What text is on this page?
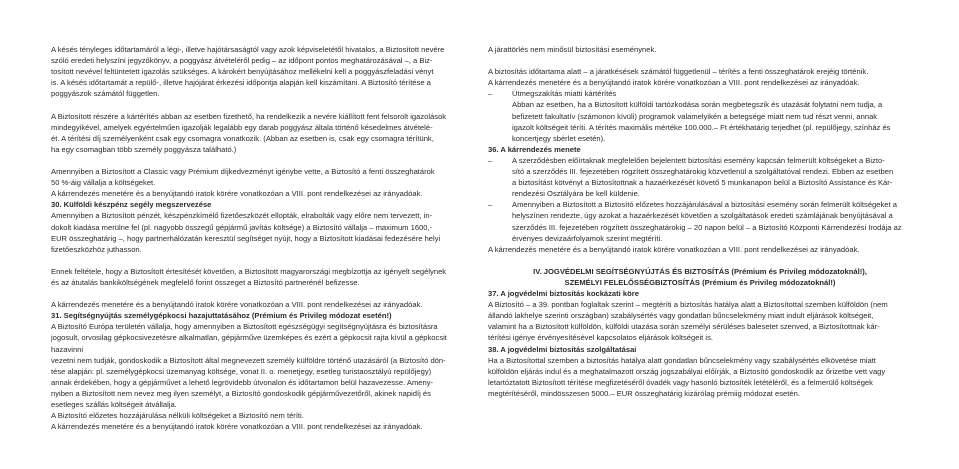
A késés tényleges időtartamáról a légi-, illetve hajótársaságtól vagy azok képviseletétől hivatalos, a Biztosított nevére

szóló eredeti helyszíni jegyzőkönyv, a poggyász átvételéről pedig – az időpont pontos meghatározásával –, a Biz-

tosított nevével feltüntetett igazolás szükséges. A károkért benyújtásához mellékelni kell a poggyászfeladási vényt

is. A késés időtartamát a repülő-, illetve hajójárat érkezési időpontja alapján kell kiszámítani. A Biztosító térítése a

poggyászok számától független.

A Biztosított részére a kártérítés abban az esetben fizethető, ha rendelkezik a nevére kiállított fent felsorolt igazolások

mindegyikével, amelyek egyértelműen igazolják legalább egy darab poggyász általa történő késedelmes átvételé-

ét. A térítési díj személyenként csak egy csomagra vonatkozik. (Abban az esetben is, csak egy csomagra térítünk,

ha egy csomagban több személy poggyásza található.)

Amennyiben a Biztosított a Classic vagy Prémium díjkedvezményt igénybe vette, a Biztosító a fenti összeghatárok

50 %-áig vállalja a költségeket.

A kárrendezés menetére és a benyújtandó iratok körére vonatkozóan a VIII. pont rendelkezései az irányadóak.

30. Külföldi készpénz segély megszervezése

Amennyiben a Biztosított pénzét, készpénzkímélő fizetőeszközét ellopták, elrabolták vagy előre nem tervezett, in-

dokolt kiadása merülne fel (pl. nagyobb összegű gépjármű javítás költsége) a Biztosító vállalja – maximum 1600,-

EUR összeghatárig –, hogy partnerhálózatán keresztül segítséget nyújt, hogy a Biztosított kiadásai fedezésére helyi

fizetőeszközhöz juthasson.

Ennek feltétele, hogy a Biztosított értesítését követően, a Biztosított magyarországi megbízottja az igényelt segélynek

és az átutalás bankiköltségének megfelelő forint összeget a Biztosító partnerénél befizesse.

A kárrendezés menetére és a benyújtandó iratok körére vonatkozóan a VIII. pont rendelkezései az irányadóak.

31. Segítségnyújtás személygépkocsi hazajuttatásához (Prémium és Privileg módozat esetén!)

A Biztosító Európa területén vállalja, hogy amennyiben a Biztosított egészségügyi segítségnyújtásra és biztosításra

jogosult, orvosilag gépkocsivezetésre alkalmatlan, gépjárműve üzemképes és ezért a gépkocsit rajta kívül a gépkocsit hazavinni

vezetni nem tudják, gondoskodik a Biztosított által megnevezett személy külföldre történő utazásáról (a Biztosító dön-

tése alapján: pl. személygépkocsi üzemanyag költsége, vonat II. o. menetjegy, esetleg turistaosztályú repülőjegy)

annak érdekében, hogy a gépjárművet a lehető legrövidebb útvonalon és időtartamon belül hazavezesse. Ameny-

nyiben a Biztosított nem nevez meg ilyen személyt, a Biztosító gondoskodik gépjárművezetőről, akinek napidíj és

esetleges szállás költségeit átvállalja.

A Biztosító előzetes hozzájárulása nélküli költségeket a Biztosító nem téríti.

A kárrendezés menetére és a benyújtandó iratok körére vonatkozóan a VIII. pont rendelkezései az irányadóak.

A járattörlés nem minősül biztosítási eseménynek.

A biztosítás időtartama alatt – a járatkésések számától függetlenül – térítés a fenti összeghatárok erejéig történik.

A kárrendezés menetére és a benyújtandó iratok körére vonatkozóan a VIII. pont rendelkezései az irányadóak.

–	Útmegszakítás miatti kártérítés

Abban az esetben, ha a Biztosított külföldi tartózkodása során megbetegszik és utazását folytatni nem tudja, a

befizetett fakultatív (számonon kívüli) programok valamelyikén a betegsége miatt nem tud részt venni, annak

igazolt költségeit téríti. A térítés maximális mértéke 100.000.– Ft értékhatárig terjedhet (pl. repülőjegy, színház és

koncertjegy sbérlet esetén).

36. A kárrendezés menete

–	A szerződésben előírtaknak megfelelően bejelentett biztosítási esemény kapcsán felmerült költségeket a Bizto-

sító a szerződés III. fejezetében rögzített összeghatárokig közvetlenül a szolgáltatóval rendezi. Ebben az esetben

a biztosítást kötvényt a Biztosítottnak a hazaérkezését követő 5 munkanapon belül a Biztosító Assistance és Kár-

rendezési Osztályára be kell küldenie.

–	Amennyiben a Biztosított a Biztosító előzetes hozzájárulásával a biztosítási esemény során felmerült költségeket a

helyszínen rendezte, úgy azokat a hazaérkezését követően a szolgáltatások eredeti számlájának benyújtásával a

szerződés III. fejezetében rögzített összeghatárokig – 20 napon belül – a Biztosító Központi Kárrendezési Irodája az

érvényes devizaárfolyamok szerint megtéríti.

A kárrendezés menetére és a benyújtandó iratok körére vonatkozóan a VIII. pont rendelkezései az irányadóak.

IV. JOGVÉDELMI SEGÍTSÉGNYÚJTÁS ÉS BIZTOSÍTÁS (Prémium és Privileg módozatoknál!),

SZEMÉLYI FELELŐSSÉGBIZTOSÍTÁS (Prémium és Privileg módozatoknál!)

37. A jogvédelmi biztosítás kockázati köre

A Biztosító – a 39. pontban foglaltak szerint – megtéríti a biztosítás hatálya alatt a Biztosítottal szemben külföldön (nem

állandó lakhelye szerinti országban) szabálysértés vagy gondatlan bűncselekmény miatt indult eljárások költségeit,

valamint ha a Biztosított külföldön, külföldi utazása során személyi sérüléses balesetet szenved, a Biztosítottnak kár-

térítési igénye érvényesítésével kapcsolatos eljárások költségeit is.

38. A jogvédelmi biztosítás szolgáltatásai

Ha a Biztosítottal szemben a biztosítás hatálya alatt gondatlan bűncselekmény vagy szabálysértés elkövetése miatt

külföldön eljárás indul és a meghatalmazott ország jogszabályai előírják, a Biztosító gondoskodik az őrizetbe vett vagy

letartóztatott Biztosított térítése megfizetéséről óvadék vagy hasonló biztosíték letétéléről, és a felmerülő költségek

megtérítéséről, mindösszesen 5000.– EUR összeghatárig kizárólag prémiig módozat esetén.
